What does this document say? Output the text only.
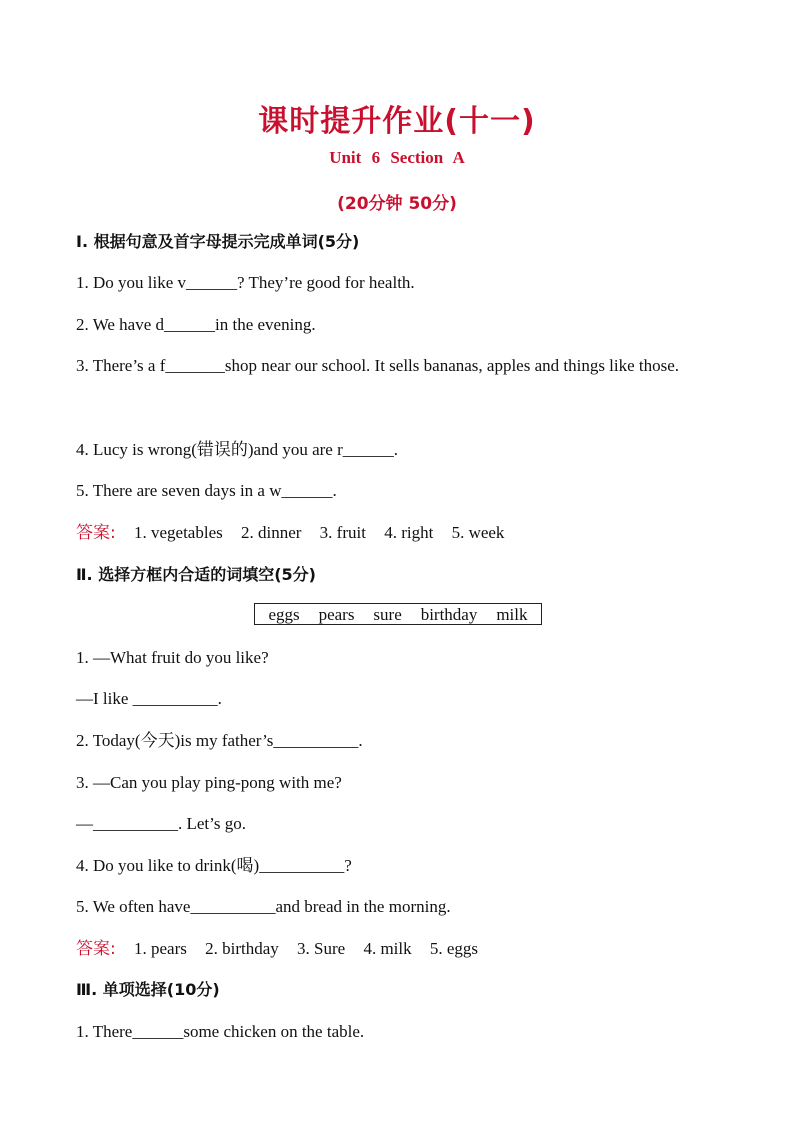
课时提升作业(十一)
Unit 6 Section A
(20分钟 50分)
Ⅰ. 根据句意及首字母提示完成单词(5分)
1. Do you like v______? They’re good for health.
2. We have d______in the evening.
3. There’s a f_______shop near our school. It sells bananas, apples and things like those.
4. Lucy is wrong(错误的)and you are r______.
5. There are seven days in a w______.
答案: 1. vegetables 2. dinner 3. fruit 4. right 5. week
Ⅱ. 选择方框内合适的词填空(5分)
eggs pears sure birthday milk
1. —What fruit do you like?
—I like __________.
2. Today(今天)is my father’s__________.
3. —Can you play ping-pong with me?
—__________. Let’s go.
4. Do you like to drink(喝)__________?
5. We often have__________and bread in the morning.
答案: 1. pears 2. birthday 3. Sure 4. milk 5. eggs
Ⅲ. 单项选择(10分)
1. There______some chicken on the table.
